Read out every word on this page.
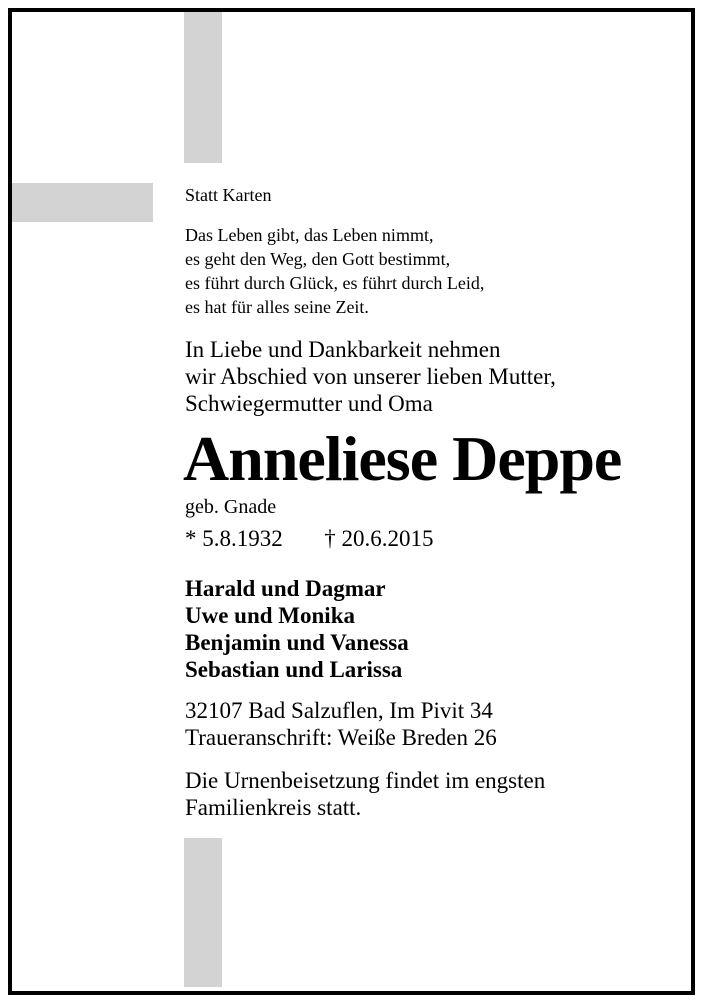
Statt Karten
Das Leben gibt, das Leben nimmt,
es geht den Weg, den Gott bestimmt,
es führt durch Glück, es führt durch Leid,
es hat für alles seine Zeit.
In Liebe und Dankbarkeit nehmen
wir Abschied von unserer lieben Mutter,
Schwiegermutter und Oma
Anneliese Deppe
geb. Gnade
* 5.8.1932 † 20.6.2015
Harald und Dagmar
Uwe und Monika
Benjamin und Vanessa
Sebastian und Larissa
32107 Bad Salzuflen, Im Pivit 34
Traueranschrift: Weiße Breden 26
Die Urnenbeisetzung findet im engsten
Familienkreis statt.
